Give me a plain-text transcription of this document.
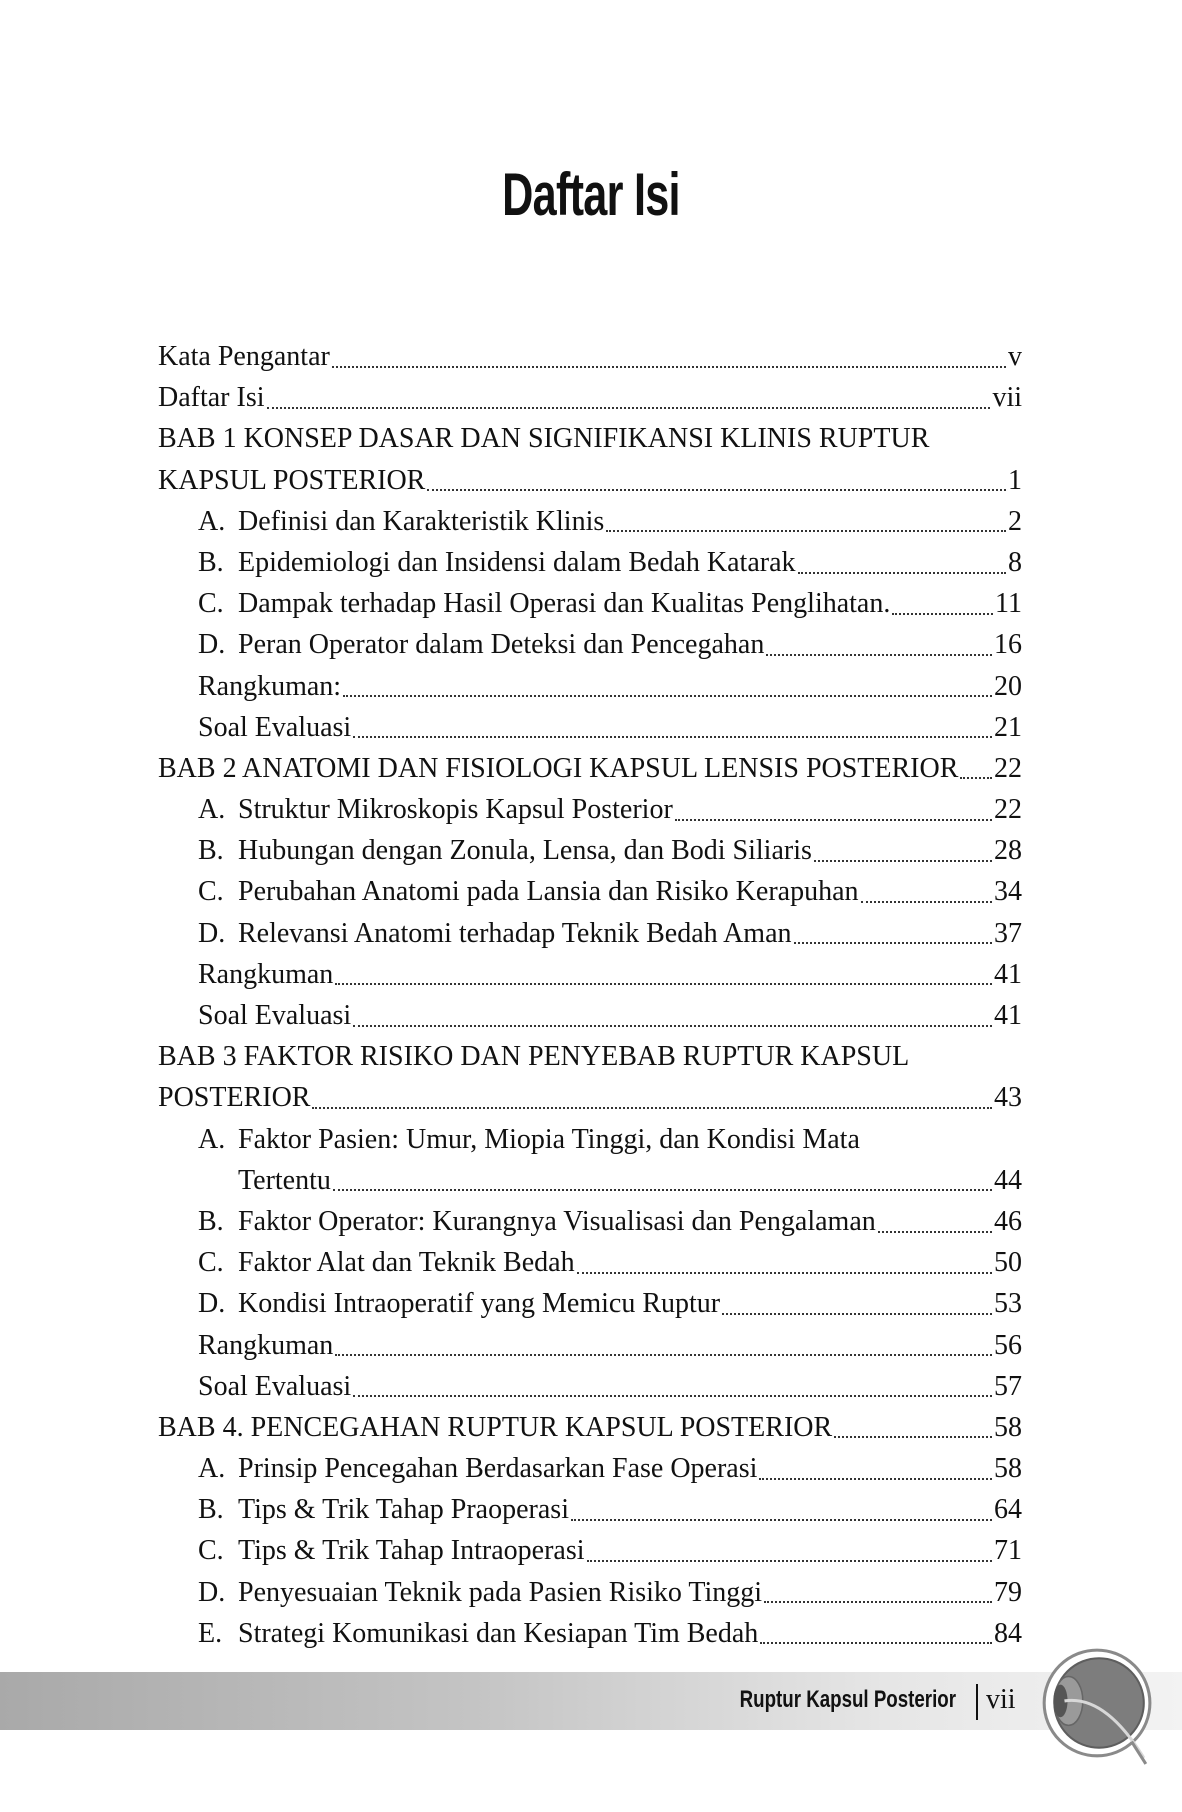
Daftar Isi
Kata Pengantar	v
Daftar Isi	vii
BAB 1 KONSEP DASAR DAN SIGNIFIKANSI KLINIS RUPTUR
KAPSUL POSTERIOR	1
A. Definisi dan Karakteristik Klinis	2
B. Epidemiologi dan Insidensi dalam Bedah Katarak	8
C. Dampak terhadap Hasil Operasi dan Kualitas Penglihatan.	11
D. Peran Operator dalam Deteksi dan Pencegahan	16
Rangkuman:	20
Soal Evaluasi	21
BAB 2 ANATOMI DAN FISIOLOGI KAPSUL LENSIS POSTERIOR 22
A. Struktur Mikroskopis Kapsul Posterior	22
B. Hubungan dengan Zonula, Lensa, dan Bodi Siliaris	28
C. Perubahan Anatomi pada Lansia dan Risiko Kerapuhan	34
D. Relevansi Anatomi terhadap Teknik Bedah Aman	37
Rangkuman	41
Soal Evaluasi	41
BAB 3 FAKTOR RISIKO DAN PENYEBAB RUPTUR KAPSUL
POSTERIOR	43
A. Faktor Pasien: Umur, Miopia Tinggi, dan Kondisi Mata
Tertentu	44
B. Faktor Operator: Kurangnya Visualisasi dan Pengalaman	46
C. Faktor Alat dan Teknik Bedah	50
D. Kondisi Intraoperatif yang Memicu Ruptur	53
Rangkuman	56
Soal Evaluasi	57
BAB 4. PENCEGAHAN RUPTUR KAPSUL POSTERIOR	58
A. Prinsip Pencegahan Berdasarkan Fase Operasi	58
B. Tips & Trik Tahap Praoperasi	64
C. Tips & Trik Tahap Intraoperasi	71
D. Penyesuaian Teknik pada Pasien Risiko Tinggi	79
E. Strategi Komunikasi dan Kesiapan Tim Bedah	84
Ruptur Kapsul Posterior vii
